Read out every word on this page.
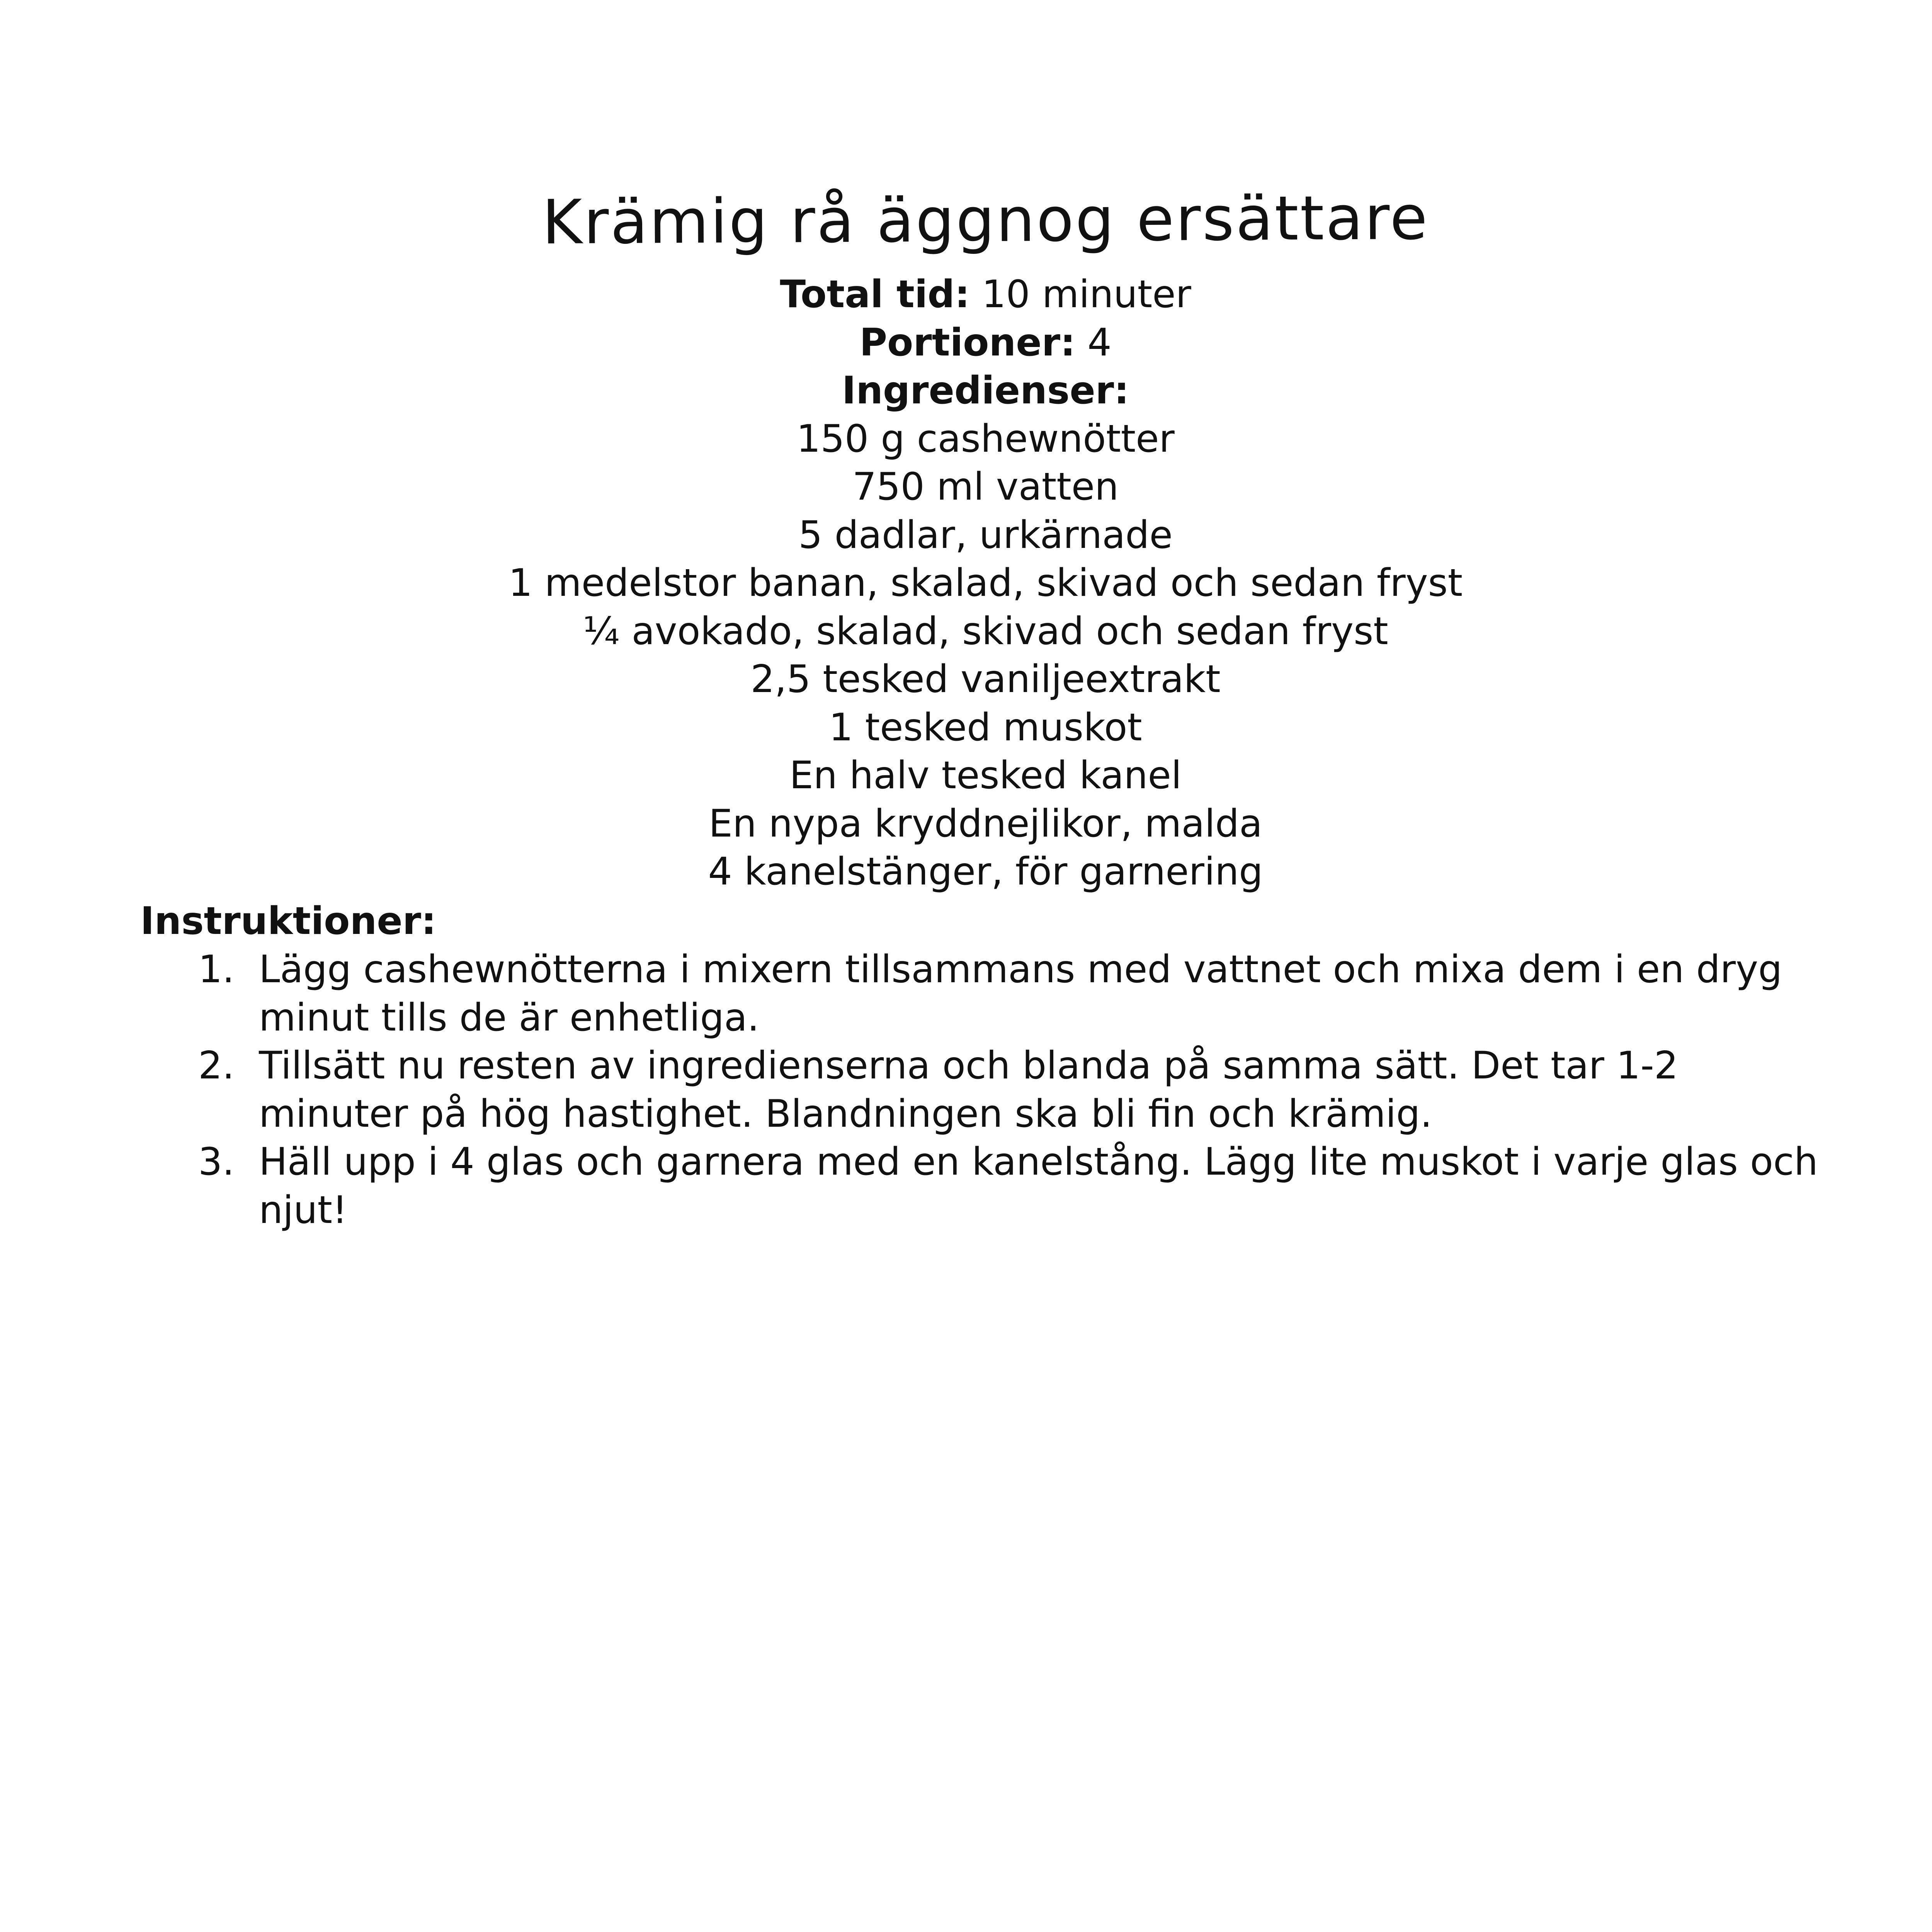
Krämig rå äggnog ersättare
Total tid: 10 minuter
Portioner: 4
Ingredienser:
150 g cashewnötter
750 ml vatten
5 dadlar, urkärnade
1 medelstor banan, skalad, skivad och sedan fryst
¼ avokado, skalad, skivad och sedan fryst
2,5 tesked vaniljeextrakt
1 tesked muskot
En halv tesked kanel
En nypa kryddnejlikor, malda
4 kanelstänger, för garnering
Instruktioner:
1. Lägg cashewnötterna i mixern tillsammans med vattnet och mixa dem i en dryg minut tills de är enhetliga.
2. Tillsätt nu resten av ingredienserna och blanda på samma sätt. Det tar 1-2 minuter på hög hastighet. Blandningen ska bli fin och krämig.
3. Häll upp i 4 glas och garnera med en kanelstång. Lägg lite muskot i varje glas och njut!
